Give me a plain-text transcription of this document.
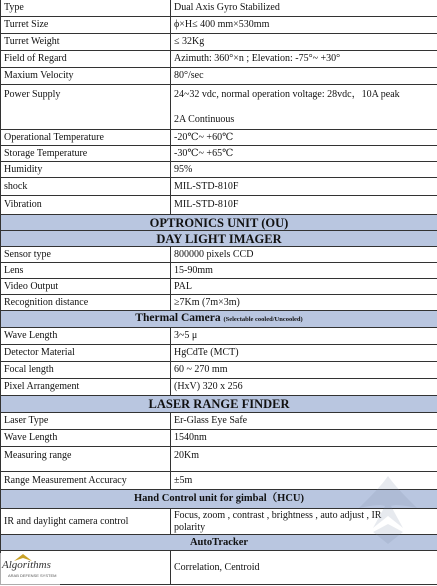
Type	Dual Axis Gyro Stabilized
Turret Size	ϕ×H≤ 400 mm×530mm
Turret Weight	≤ 32Kg
Field of Regard	Azimuth: 360°×n ; Elevation: -75°~ +30°
Maxium Velocity	80°/sec
Power Supply	24~32 vdc, normal operation voltage: 28vdc，10A peak
2A Continuous

Operational Temperature	-20℃~ +60℃
Storage Temperature	-30℃~ +65℃
Humidity	95%
shock	MIL-STD-810F
Vibration	MIL-STD-810F
OPTRONICS UNIT (OU)	
DAY LIGHT IMAGER	
Sensor type	800000 pixels CCD
Lens	15-90mm
Video Output	PAL
Recognition distance	≥7Km (7m×3m)
Thermal Camera (Selectable cooled/Uncooled)	
Wave Length	3~5 μ
Detector Material	HgCdTe (MCT)
Focal length	60 ~ 270 mm
Pixel Arrangement	(HxV) 320 x 256
LASER RANGE FINDER	
Laser Type	Er-Glass Eye Safe
Wave Length	1540nm
Measuring range	20Km
Range Measurement Accuracy	±5m
Hand Control unit for gimbal（HCU)	
IR and daylight camera control	Focus, zoom , contrast , brightness , auto adjust , IR
polarity

AutoTracker	
	Correlation, Centroid
Algorithms
ARAB DEFENSE SYSTEM
